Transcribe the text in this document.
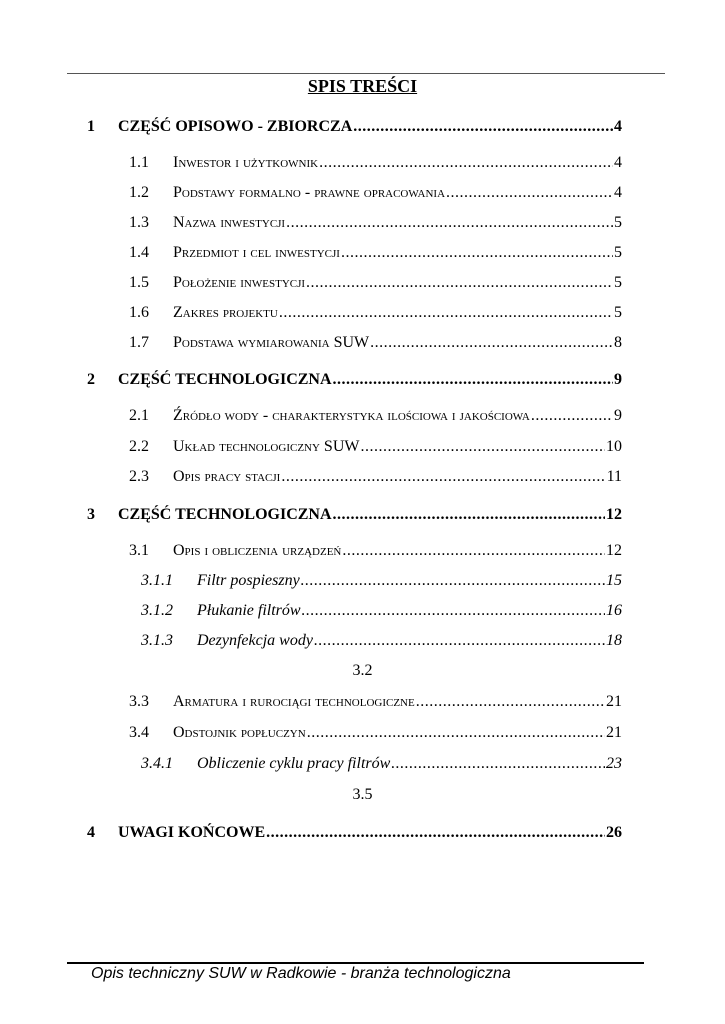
SPIS TREŚCI
1 CZĘŚĆ OPISOWO - ZBIORCZA .....	4
1.1 Inwestor i użytkownik .....	4
1.2 Podstawy formalno - prawne opracowania .....	4
1.3 Nazwa inwestycji .....	5
1.4 Przedmiot i cel inwestycji .....	5
1.5 Położenie inwestycji .....	5
1.6 Zakres projektu .....	5
1.7 Podstawa wymiarowania SUW .....	8
2 CZĘŚĆ TECHNOLOGICZNA .....	9
2.1 Źródło wody - charakterystyka ilościowa i jakościowa .....	9
2.2 Układ technologiczny SUW .....	10
2.3 Opis pracy stacji .....	11
3 CZĘŚĆ TECHNOLOGICZNA .....	12
3.1 Opis i obliczenia urządzeń .....	12
3.1.1 Filtr pospieszny .....	15
3.1.2 Płukanie filtrów .....	16
3.1.3 Dezynfekcja wody .....	18
3.2
3.3 Armatura i rurociągi technologiczne .....	21
3.4 Odstojnik popłuczyn .....	21
3.4.1 Obliczenie cyklu pracy filtrów .....	23
3.5
4 UWAGI KOŃCOWE .....	26
Opis techniczny SUW w Radkowie - branża technologiczna
